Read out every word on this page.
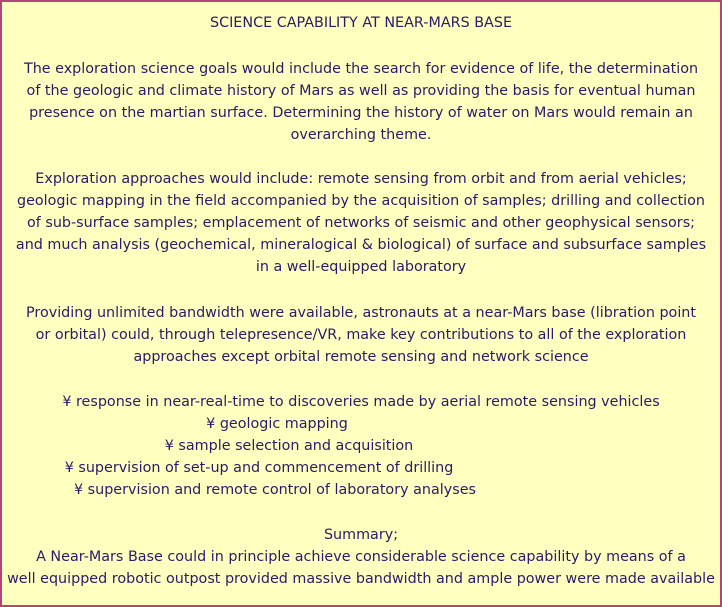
SCIENCE CAPABILITY AT NEAR-MARS BASE
The exploration science goals would include the search for evidence of life, the determination
of the geologic and climate history of Mars as well as providing the basis for eventual human
presence on the martian surface. Determining the history of water on Mars would remain an
overarching theme.
Exploration approaches would include: remote sensing from orbit and from aerial vehicles;
geologic mapping in the field accompanied by the acquisition of samples; drilling and collection
of sub-surface samples; emplacement of networks of seismic and other geophysical sensors;
and much analysis (geochemical, mineralogical & biological) of surface and subsurface samples
in a well-equipped laboratory
Providing unlimited bandwidth were available, astronauts at a near-Mars base (libration point
or orbital) could, through telepresence/VR, make key contributions to all of the exploration
approaches except orbital remote sensing and network science
¥ response in near-real-time to discoveries made by aerial remote sensing vehicles
¥ geologic mapping
¥ sample selection and acquisition
¥ supervision of set-up and commencement of drilling
¥ supervision and remote control of laboratory analyses
Summary;
A Near-Mars Base could in principle achieve considerable science capability by means of a
well equipped robotic outpost provided massive bandwidth and ample power were made available
